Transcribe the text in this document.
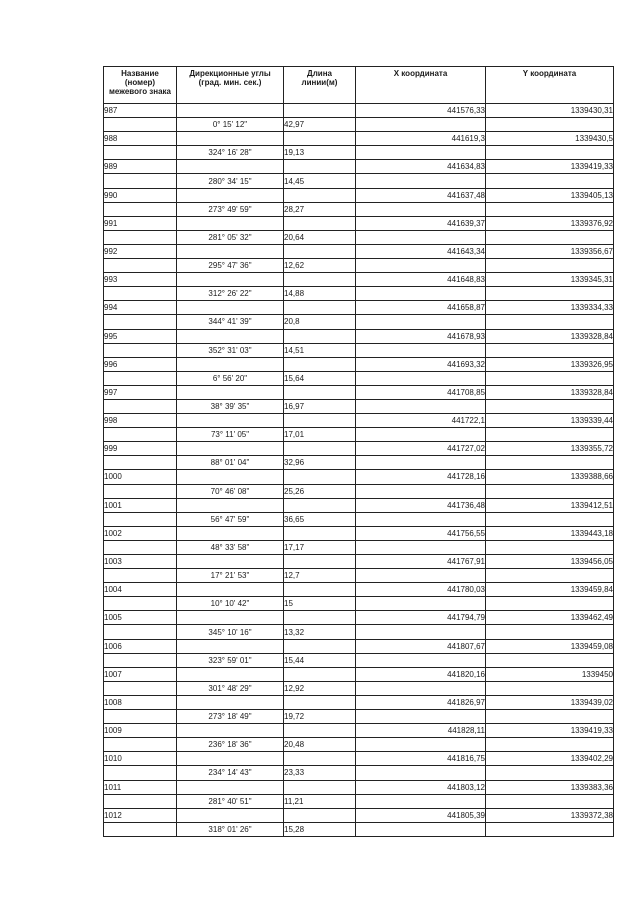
Название
(номер)
межевого знака	Дирекционные углы
(град. мин. сек.)	Длина
линии(м)	X координата	Y координата

987			441576,33	1339430,31
	0° 15' 12"	42,97		
988			441619,3	1339430,5
	324° 16' 28"	19,13		
989			441634,83	1339419,33
	280° 34' 15"	14,45		
990			441637,48	1339405,13
	273° 49' 59"	28,27		
991			441639,37	1339376,92
	281° 05' 32"	20,64		
992			441643,34	1339356,67
	295° 47' 36"	12,62		
993			441648,83	1339345,31
	312° 26' 22"	14,88		
994			441658,87	1339334,33
	344° 41' 39"	20,8		
995			441678,93	1339328,84
	352° 31' 03"	14,51		
996			441693,32	1339326,95
	6° 56' 20"	15,64		
997			441708,85	1339328,84
	38° 39' 35"	16,97		
998			441722,1	1339339,44
	73° 11' 05"	17,01		
999			441727,02	1339355,72
	88° 01' 04"	32,96		
1000			441728,16	1339388,66
	70° 46' 08"	25,26		
1001			441736,48	1339412,51
	56° 47' 59"	36,65		
1002			441756,55	1339443,18
	48° 33' 58"	17,17		
1003			441767,91	1339456,05
	17° 21' 53"	12,7		
1004			441780,03	1339459,84
	10° 10' 42"	15		
1005			441794,79	1339462,49
	345° 10' 16"	13,32		
1006			441807,67	1339459,08
	323° 59' 01"	15,44		
1007			441820,16	1339450
	301° 48' 29"	12,92		
1008			441826,97	1339439,02
	273° 18' 49"	19,72		
1009			441828,11	1339419,33
	236° 18' 36"	20,48		
1010			441816,75	1339402,29
	234° 14' 43"	23,33		
1011			441803,12	1339383,36
	281° 40' 51"	11,21		
1012			441805,39	1339372,38
	318° 01' 26"	15,28		
